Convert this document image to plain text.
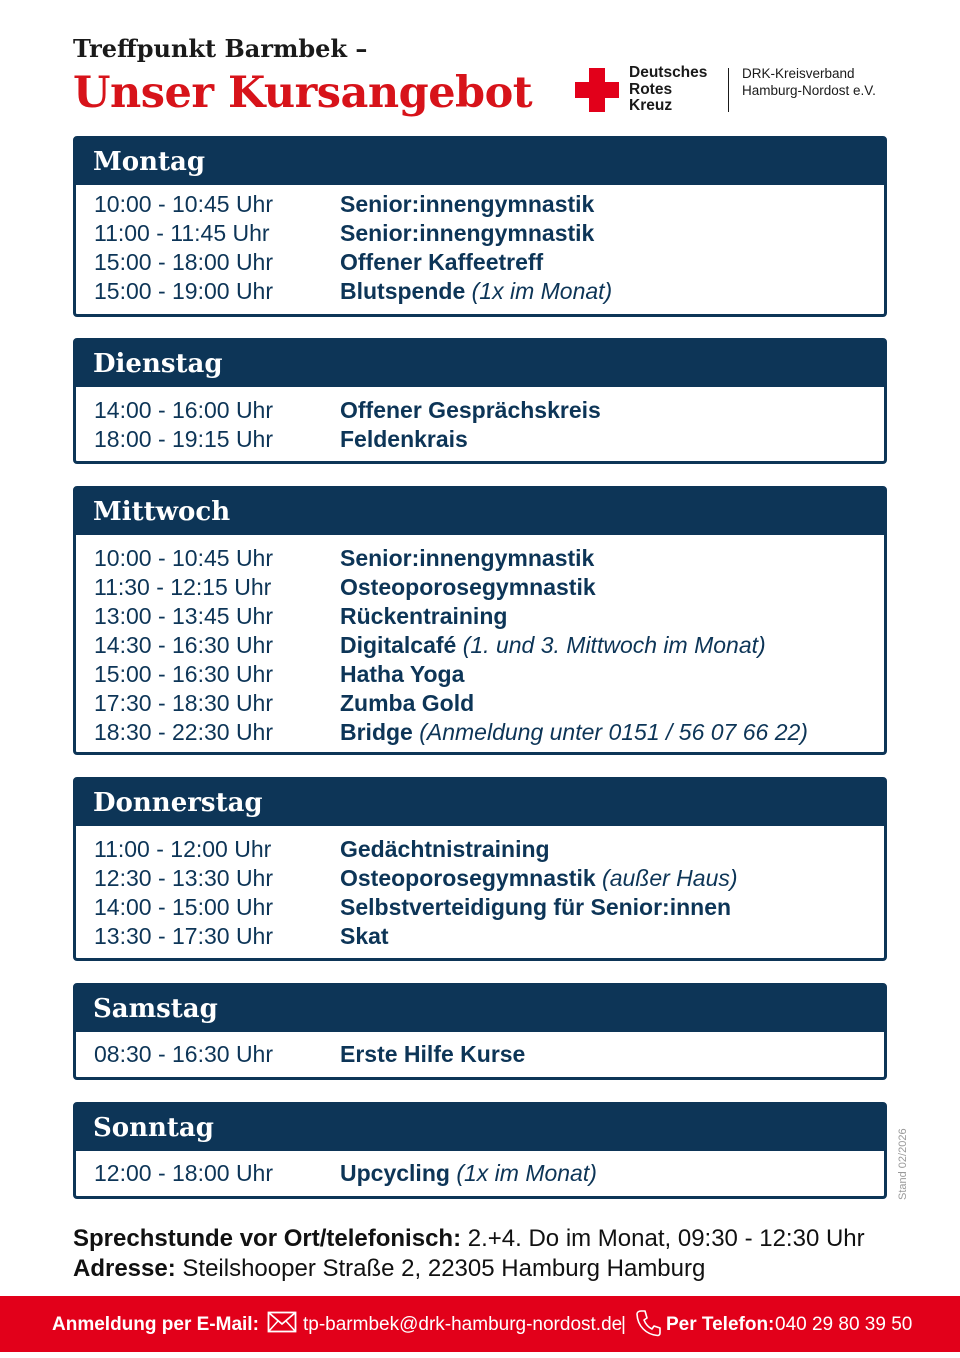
Treffpunkt Barmbek –
Unser Kursangebot	Deutsches
Rotes
Kreuz
DRK-Kreisverband
Hamburg-Nordost e.V.
Montag
10:00 - 10:45 Uhr	Senior:innengymnastik
11:00 - 11:45 Uhr	Senior:innengymnastik
15:00 - 18:00 Uhr	Offener Kaffeetreff
15:00 - 19:00 Uhr	Blutspende (1x im Monat)
Dienstag
14:00 - 16:00 Uhr	Offener Gesprächskreis
18:00 - 19:15 Uhr	Feldenkrais
Mittwoch
10:00 - 10:45 Uhr	Senior:innengymnastik
11:30 - 12:15 Uhr	Osteoporosegymnastik
13:00 - 13:45 Uhr	Rückentraining
14:30 - 16:30 Uhr	Digitalcafé (1. und 3. Mittwoch im Monat)
15:00 - 16:30 Uhr	Hatha Yoga
17:30 - 18:30 Uhr	Zumba Gold
18:30 - 22:30 Uhr	Bridge (Anmeldung unter 0151 / 56 07 66 22)
Donnerstag
11:00 - 12:00 Uhr	Gedächtnistraining
12:30 - 13:30 Uhr	Osteoporosegymnastik (außer Haus)
14:00 - 15:00 Uhr	Selbstverteidigung für Senior:innen
13:30 - 17:30 Uhr	Skat
Samstag
08:30 - 16:30 Uhr	Erste Hilfe Kurse
Sonntag
12:00 - 18:00 Uhr	Upcycling (1x im Monat)	Stand 02/2026
Sprechstunde vor Ort/telefonisch: 2.+4. Do im Monat, 09:30 - 12:30 Uhr
Adresse: Steilshooper Straße 2, 22305 Hamburg Hamburg
Anmeldung per E-Mail: tp-barmbek@drk-hamburg-nordost.de
| Per Telefon: 040 29 80 39 50
